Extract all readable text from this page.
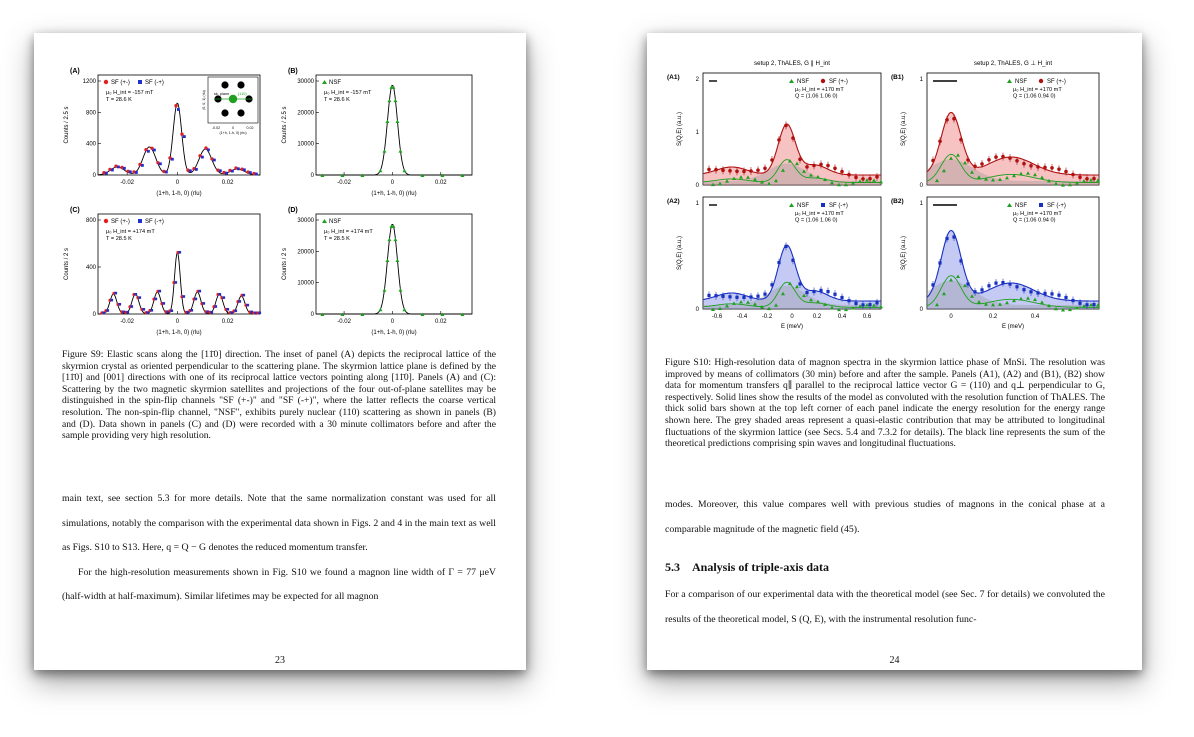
(A)
0
400
800
1200
-0.02	0	0.02
(1+h, 1-h, 0) (rlu)
Counts / 2.5 s
SF (+-)	SF (-+)
μ₀ H_int = -157 mT
T = 28.6 K
sk. plane (110)
-0.02	0	0.02
(1+h, 1-h, 0) (rlu)
(0, 0, 1) (rlu)
(C)
0
400
800
-0.02	0	0.02
(1+h, 1-h, 0) (rlu)
Counts / 2 s
SF (+-)	SF (-+)
μ₀ H_int = +174 mT
T = 28.5 K
(B)
0
10000
20000
30000
-0.02	0	0.02
(1+h, 1-h, 0) (rlu)
Counts / 2.5 s
NSF
μ₀ H_int = -157 mT
T = 28.6 K
(D)
0
10000
20000
30000
-0.02	0	0.02
(1+h, 1-h, 0) (rlu)
Counts / 2 s
NSF
μ₀ H_int = +174 mT
T = 28.5 K
Figure S9: Elastic scans along the [11̄0] direction. The inset of panel (A) depicts the reciprocal lattice of the skyrmion crystal as oriented perpendicular to the scattering plane. The skyrmion lattice plane is defined by the [11̄0] and [001] directions with one of its reciprocal lattice vectors pointing along [11̄0]. Panels (A) and (C): Scattering by the two magnetic skyrmion satellites and projections of the four out-of-plane satellites may be distinguished in the spin-flip channels "SF (+-)" and "SF (-+)", where the latter reflects the coarse vertical resolution. The non-spin-flip channel, "NSF", exhibits purely nuclear (110) scattering as shown in panels (B) and (D). Data shown in panels (C) and (D) were recorded with a 30 minute collimators before and after the sample providing very high resolution.

main text, see section 5.3 for more details. Note that the same normalization constant was used for all simulations, notably the comparison with the experimental data shown in Figs. 2 and 4 in the main text as well as Figs. S10 to S13. Here, q = Q − G denotes the reduced momentum transfer.

For the high-resolution measurements shown in Fig. S10 we found a magnon line width of Γ = 77 μeV (half-width at half-maximum). Similar lifetimes may be expected for all magnon

23
setup 2, ThALES, G ∥ H_int	setup 2, ThALES, G ⊥ H_int
(A1)
0
1
2
S(Q,E) (a.u.)
NSF	SF (+-)
μ₀ H_int = +170 mT
Q = (1.06 1.06 0)
(B1)
0
1
S(Q,E) (a.u.)
NSF	SF (+-)
μ₀ H_int = +170 mT
Q = (1.06 0.94 0)
(A2)
0
1
S(Q,E) (a.u.)
NSF	SF (-+)
μ₀ H_int = +170 mT
Q = (1.06 1.06 0)
-0.6 -0.4 -0.2	0	0.2	0.4	0.6
E (meV)
(B2)
0
1
S(Q,E) (a.u.)
NSF	SF (-+)
μ₀ H_int = +170 mT
Q = (1.06 0.94 0)
0	0.2	0.4
E (meV)
Figure S10: High-resolution data of magnon spectra in the skyrmion lattice phase of MnSi. The resolution was improved by means of collimators (30 min) before and after the sample. Panels (A1), (A2) and (B1), (B2) show data for momentum transfers q∥ parallel to the reciprocal lattice vector G = (110) and q⊥ perpendicular to G, respectively. Solid lines show the results of the model as convoluted with the resolution function of ThALES. The thick solid bars shown at the top left corner of each panel indicate the energy resolution for the energy range shown here. The grey shaded areas represent a quasi-elastic contribution that may be attributed to longitudinal fluctuations of the skyrmion lattice (see Secs. 5.4 and 7.3.2 for details). The black line represents the sum of the theoretical predictions comprising spin waves and longitudinal fluctuations.
modes. Moreover, this value compares well with previous studies of magnons in the conical phase at a comparable magnitude of the magnetic field (45).
5.3 Analysis of triple-axis data
For a comparison of our experimental data with the theoretical model (see Sec. 7 for details) we convoluted the results of the theoretical model, S (Q, E), with the instrumental resolution func-
24
